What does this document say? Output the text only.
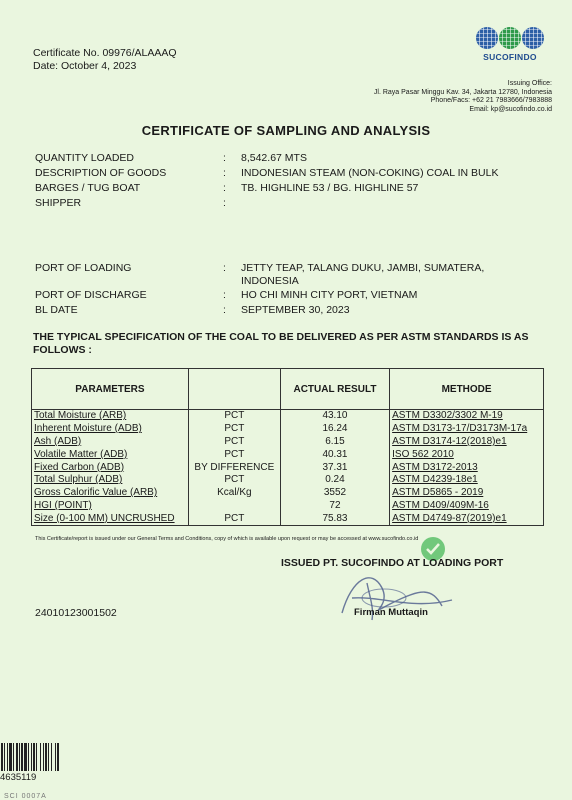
Certificate No. 09976/ALAAAQ
Date: October 4, 2023
SUCOFINDO
Issuing Office:
Jl. Raya Pasar Minggu Kav. 34, Jakarta 12780, Indonesia
Phone/Facs: +62 21 7983666/7983888
Email: kp@sucofindo.co.id
CERTIFICATE OF SAMPLING AND ANALYSIS
QUANTITY LOADED	: 8,542.67 MTS
DESCRIPTION OF GOODS	: INDONESIAN STEAM (NON-COKING) COAL IN BULK
BARGES / TUG BOAT	: TB. HIGHLINE 53 / BG. HIGHLINE 57
SHIPPER	:
PORT OF LOADING	: JETTY TEAP, TALANG DUKU, JAMBI, SUMATERA, INDONESIA
PORT OF DISCHARGE	: HO CHI MINH CITY PORT, VIETNAM
BL DATE	: SEPTEMBER 30, 2023
THE TYPICAL SPECIFICATION OF THE COAL TO BE DELIVERED AS PER ASTM STANDARDS IS AS FOLLOWS :
PARAMETERS		ACTUAL RESULT	METHODE
Total Moisture (ARB)	PCT	43.10	ASTM D3302/3302 M-19
Inherent Moisture (ADB)	PCT	16.24	ASTM D3173-17/D3173M-17a
Ash (ADB)	PCT	6.15	ASTM D3174-12(2018)e1
Volatile Matter (ADB)	PCT	40.31	ISO 562 2010
Fixed Carbon (ADB)	BY DIFFERENCE	37.31	ASTM D3172-2013
Total Sulphur (ADB)	PCT	0.24	ASTM D4239-18e1
Gross Calorific Value (ARB)	Kcal/Kg	3552	ASTM D5865 - 2019
HGI (POINT)		72	ASTM D409/409M-16
Size (0-100 MM) UNCRUSHED	PCT	75.83	ASTM D4749-87(2019)e1
This Certificate/report is issued under our General Terms and Conditions, copy of which is available upon request or may be accessed at www.sucofindo.co.id
ISSUED PT. SUCOFINDO AT LOADING PORT
Firman Muttaqin
24010123001502
4635119
SCI 0007A
